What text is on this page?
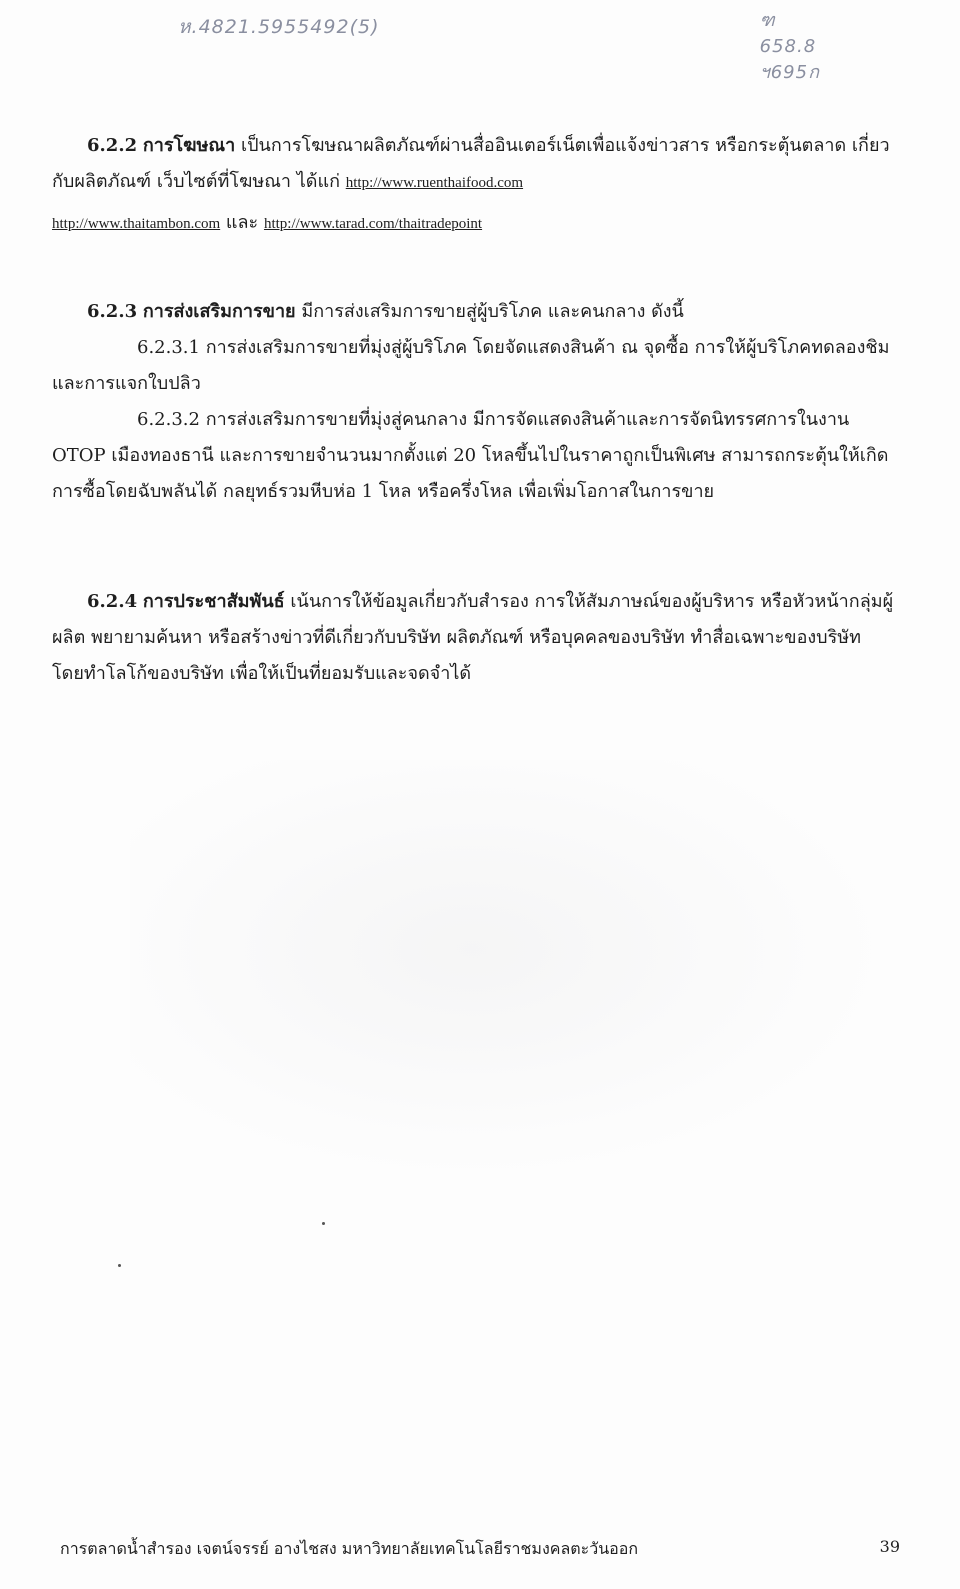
ห.4821.5955492(5)	ฑ
658.8
ฯ695ก

6.2.2 การโฆษณา เป็นการโฆษณาผลิตภัณฑ์ผ่านสื่ออินเตอร์เน็ตเพื่อแจ้งข่าวสาร หรือกระตุ้นตลาด เกี่ยวกับผลิตภัณฑ์ เว็บไซต์ที่โฆษณา ได้แก่ http://www.ruenthaifood.com

http://www.thaitambon.com และ http://www.tarad.com/thaitradepoint

6.2.3 การส่งเสริมการขาย มีการส่งเสริมการขายสู่ผู้บริโภค และคนกลาง ดังนี้

6.2.3.1 การส่งเสริมการขายที่มุ่งสู่ผู้บริโภค โดยจัดแสดงสินค้า ณ จุดซื้อ การให้ผู้บริโภคทดลองชิม และการแจกใบปลิว

6.2.3.2 การส่งเสริมการขายที่มุ่งสู่คนกลาง มีการจัดแสดงสินค้าและการจัดนิทรรศการในงาน OTOP เมืองทองธานี และการขายจำนวนมากตั้งแต่ 20 โหลขึ้นไปในราคาถูกเป็นพิเศษ สามารถกระตุ้นให้เกิดการซื้อโดยฉับพลันได้ กลยุทธ์รวมหีบห่อ 1 โหล หรือครึ่งโหล เพื่อเพิ่มโอกาสในการขาย

6.2.4 การประชาสัมพันธ์ เน้นการให้ข้อมูลเกี่ยวกับสำรอง การให้สัมภาษณ์ของผู้บริหาร หรือหัวหน้ากลุ่มผู้ผลิต พยายามค้นหา หรือสร้างข่าวที่ดีเกี่ยวกับบริษัท ผลิตภัณฑ์ หรือบุคคลของบริษัท ทำสื่อเฉพาะของบริษัท โดยทำโลโก้ของบริษัท เพื่อให้เป็นที่ยอมรับและจดจำได้

การตลาดน้ำสำรอง เจตน์จรรย์ อางไชสง มหาวิทยาลัยเทคโนโลยีราชมงคลตะวันออก	39
